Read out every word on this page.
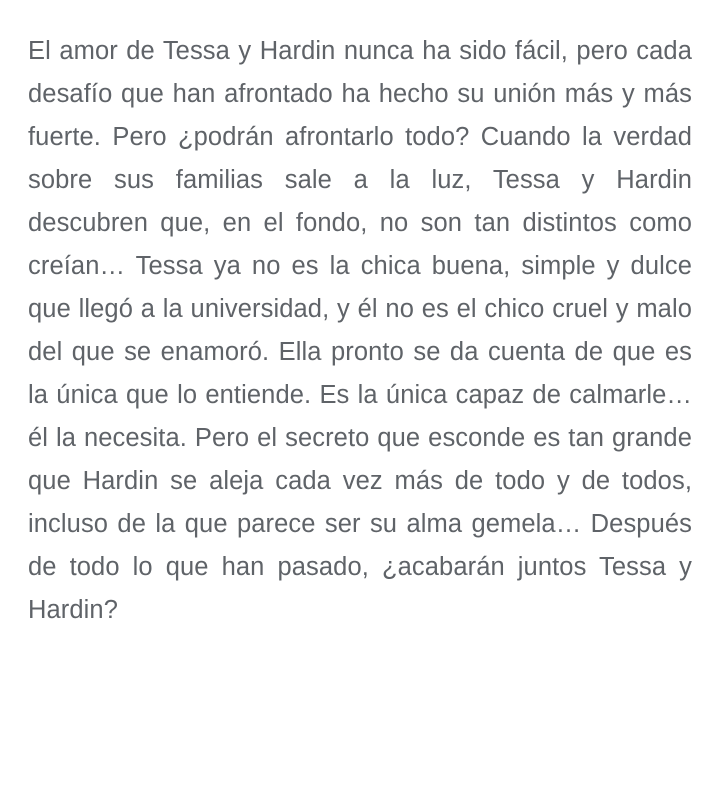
El amor de Tessa y Hardin nunca ha sido fácil, pero cada desafío que han afrontado ha hecho su unión más y más fuerte. Pero ¿podrán afrontarlo todo? Cuando la verdad sobre sus familias sale a la luz, Tessa y Hardin descubren que, en el fondo, no son tan distintos como creían… Tessa ya no es la chica buena, simple y dulce que llegó a la universidad, y él no es el chico cruel y malo del que se enamoró. Ella pronto se da cuenta de que es la única que lo entiende. Es la única capaz de calmarle… él la necesita. Pero el secreto que esconde es tan grande que Hardin se aleja cada vez más de todo y de todos, incluso de la que parece ser su alma gemela… Después de todo lo que han pasado, ¿acabarán juntos Tessa y Hardin?
